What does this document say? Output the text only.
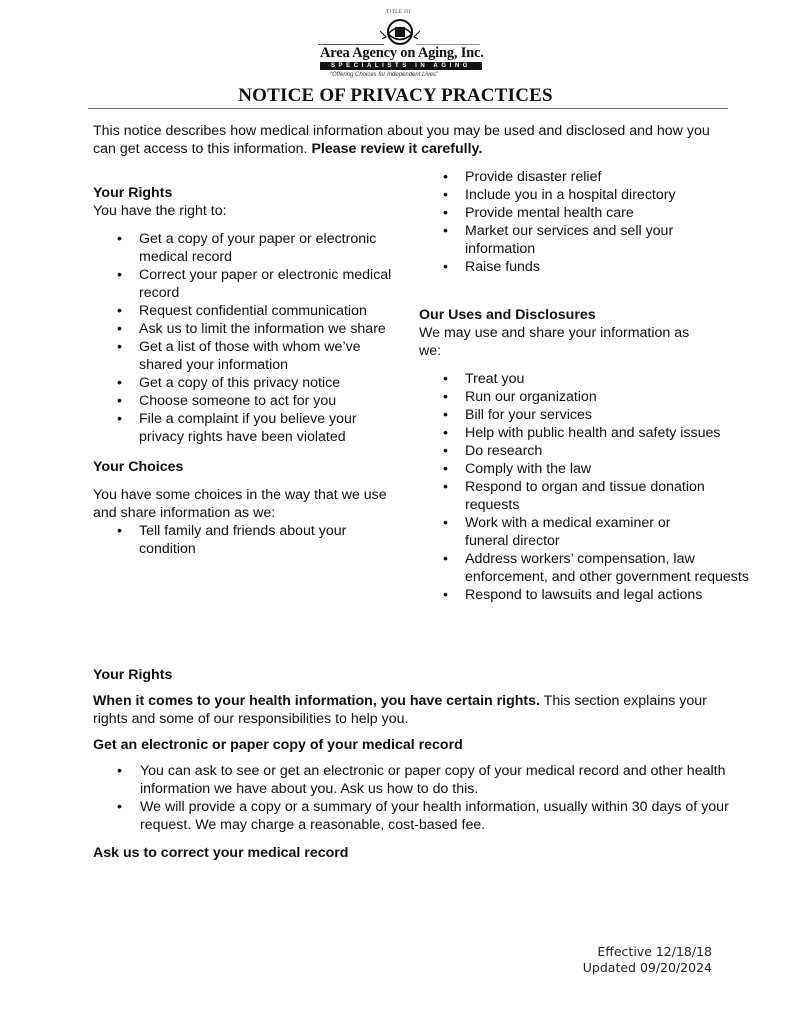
TITLE III
Area Agency on Aging, Inc.
SPECIALISTS IN AGING
“Offering Choices for Independent Lives”
NOTICE OF PRIVACY PRACTICES
This notice describes how medical information about you may be used and disclosed and how you can get access to this information. Please review it carefully.
Your Rights

You have the right to:

• Get a copy of your paper or electronic medical record
• Correct your paper or electronic medical record
• Request confidential communication
• Ask us to limit the information we share
• Get a list of those with whom we’ve shared your information
• Get a copy of this privacy notice
• Choose someone to act for you
• File a complaint if you believe your privacy rights have been violated
Your Choices

You have some choices in the way that we use and share information as we:

• Tell family and friends about your condition
• Provide disaster relief
• Include you in a hospital directory
• Provide mental health care
• Market our services and sell your information
• Raise funds
Our Uses and Disclosures

We may use and share your information as we:

• Treat you
• Run our organization
• Bill for your services
• Help with public health and safety issues
• Do research
• Comply with the law
• Respond to organ and tissue donation requests
• Work with a medical examiner or funeral director
• Address workers’ compensation, law enforcement, and other government requests
• Respond to lawsuits and legal actions
Your Rights

When it comes to your health information, you have certain rights. This section explains your rights and some of our responsibilities to help you.

Get an electronic or paper copy of your medical record
• You can ask to see or get an electronic or paper copy of your medical record and other health information we have about you. Ask us how to do this.
• We will provide a copy or a summary of your health information, usually within 30 days of your request. We may charge a reasonable, cost-based fee.
Ask us to correct your medical record
Effective 12/18/18
Updated 09/20/2024
